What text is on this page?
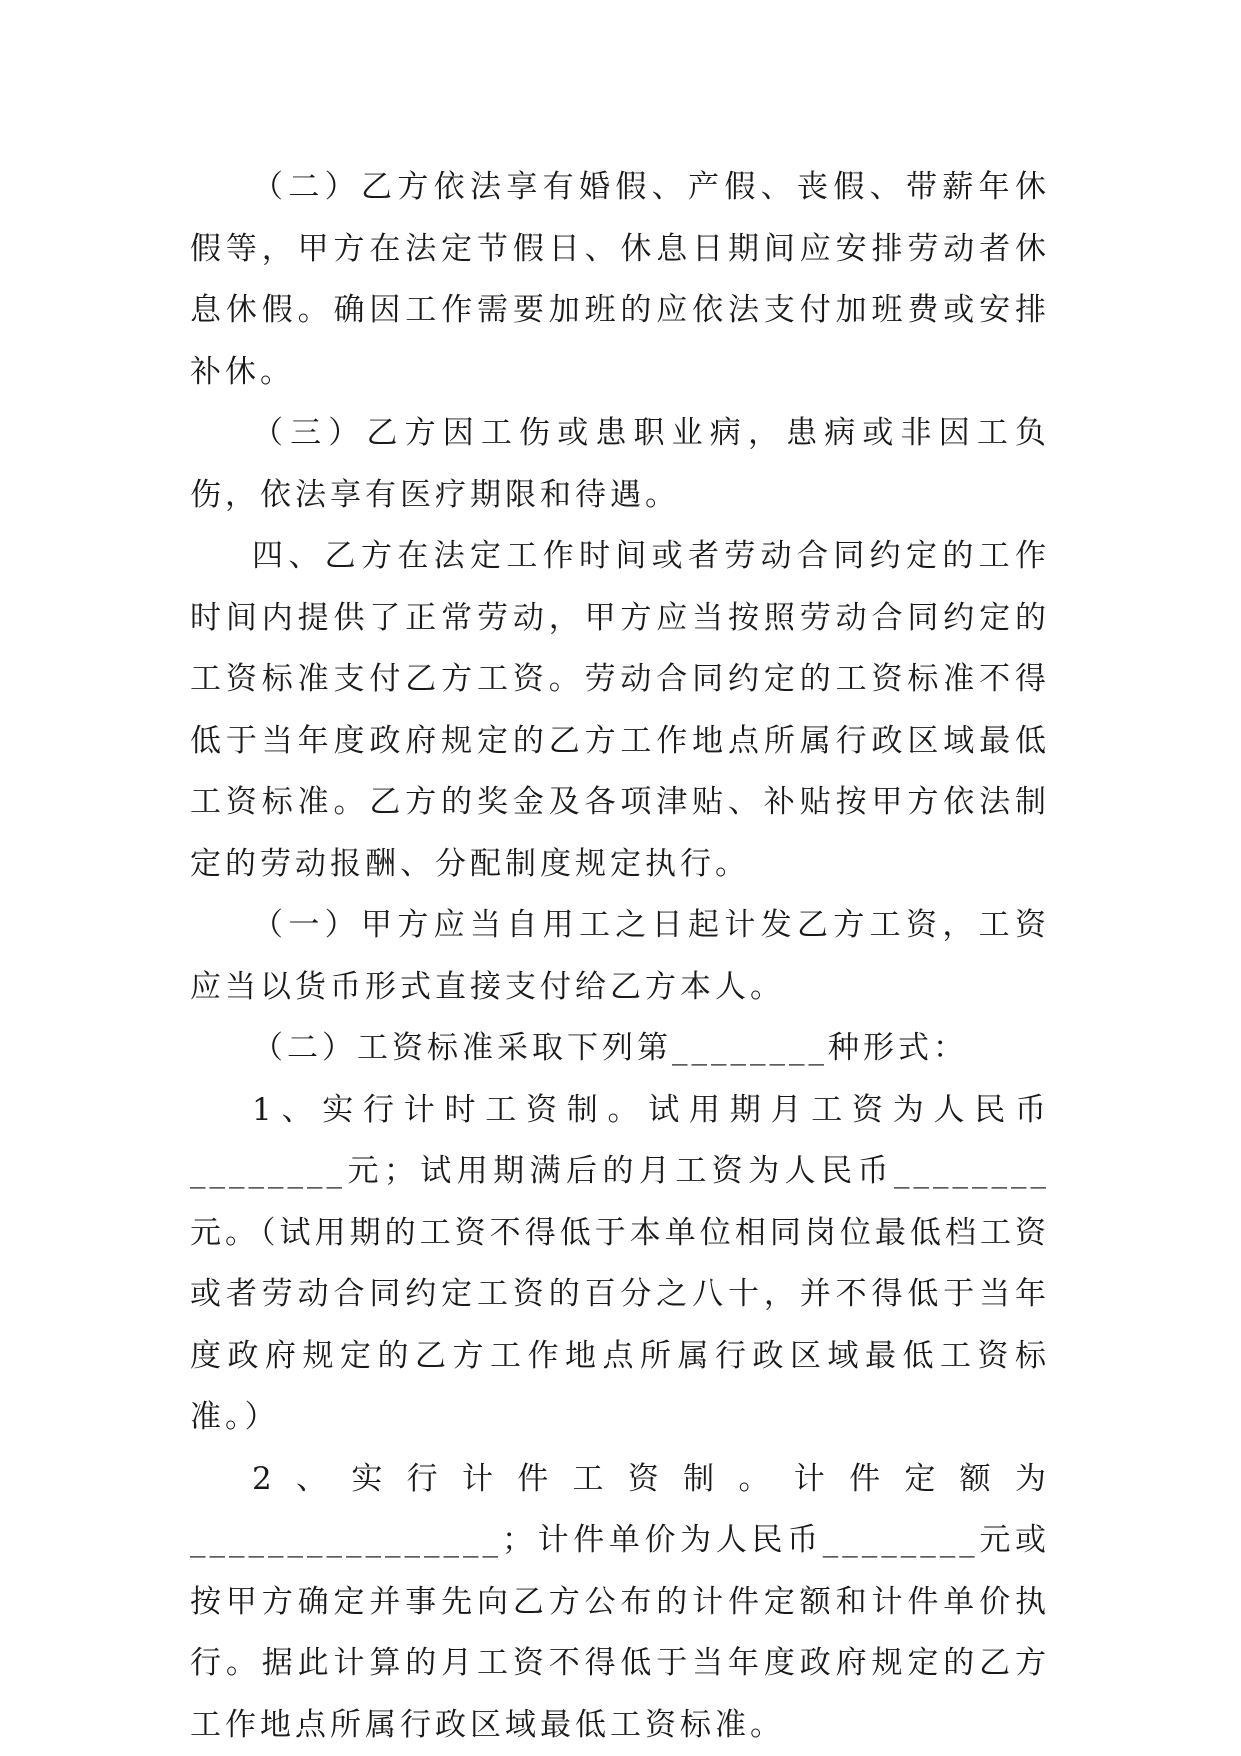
（二）乙方依法享有婚假、产假、丧假、带薪年休假等，甲方在法定节假日、休息日期间应安排劳动者休息休假。确因工作需要加班的应依法支付加班费或安排补休。

（三）乙方因工伤或患职业病，患病或非因工负伤，依法享有医疗期限和待遇。

四、乙方在法定工作时间或者劳动合同约定的工作时间内提供了正常劳动，甲方应当按照劳动合同约定的工资标准支付乙方工资。劳动合同约定的工资标准不得低于当年度政府规定的乙方工作地点所属行政区域最低工资标准。乙方的奖金及各项津贴、补贴按甲方依法制定的劳动报酬、分配制度规定执行。

（一）甲方应当自用工之日起计发乙方工资，工资应当以货币形式直接支付给乙方本人。

（二）工资标准采取下列第________种形式：

1、实行计时工资制。试用期月工资为人民币________元；试用期满后的月工资为人民币________元。（试用期的工资不得低于本单位相同岗位最低档工资或者劳动合同约定工资的百分之八十，并不得低于当年度政府规定的乙方工作地点所属行政区域最低工资标准。）

2、实行计件工资制。计件定额为________________；计件单价为人民币________元或按甲方确定并事先向乙方公布的计件定额和计件单价执行。据此计算的月工资不得低于当年度政府规定的乙方工作地点所属行政区域最低工资标准。
